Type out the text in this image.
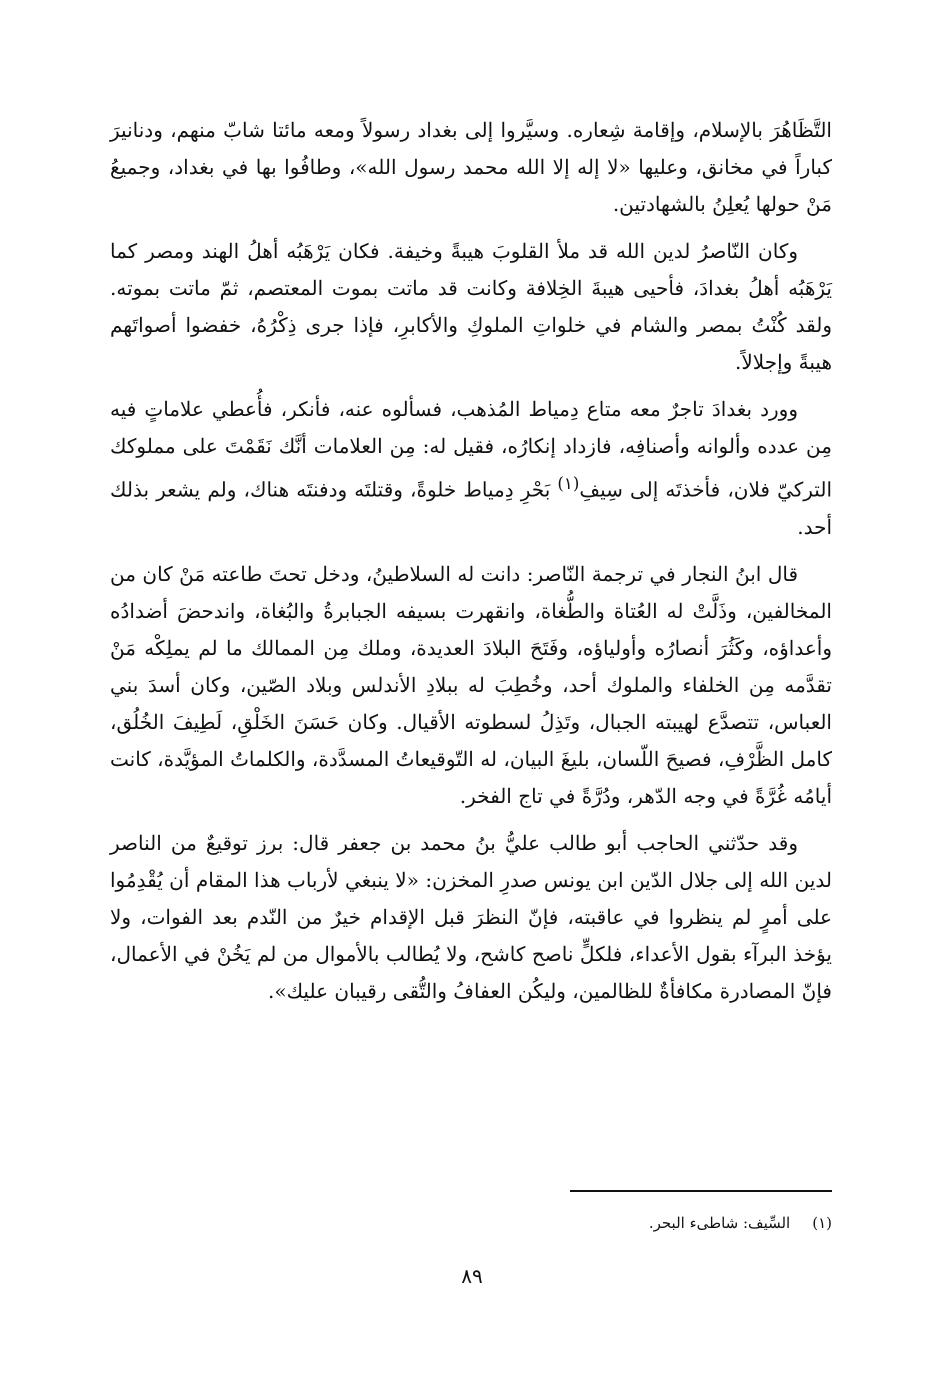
التَّظَاهُرَ بالإسلام، وإقامة شِعاره. وسيَّروا إلى بغداد رسولاً ومعه مائتا شابّ منهم، ودنانيرَ كباراً في مخانق، وعليها «لا إله إلا الله محمد رسول الله»، وطافُوا بها في بغداد، وجميعُ مَنْ حولها يُعلِنُ بالشهادتين.

وكان النّاصرُ لدين الله قد ملأ القلوبَ هيبةً وخيفة. فكان يَرْهَبُه أهلُ الهند ومصر كما يَرْهَبُه أهلُ بغدادَ، فأحيى هيبةَ الخِلافة وكانت قد ماتت بموت المعتصم، ثمّ ماتت بموته. ولقد كُنْتُ بمصر والشام في خلواتِ الملوكِ والأكابرِ، فإذا جرى ذِكْرُهُ، خفضوا أصواتَهم هيبةً وإجلالاً.

وورد بغدادَ تاجرٌ معه متاع دِمياط المُذهب، فسألوه عنه، فأنكر، فأُعطي علاماتٍ فيه مِن عدده وألوانه وأصنافِه، فازداد إنكارُه، فقيل له: مِن العلامات أنَّك نَقَمْتَ على مملوكك التركيّ فلان، فأخذتَه إلى سِيفِ$^{(١)}$ بَحْرِ دِمياط خلوةً، وقتلتَه ودفنتَه هناك، ولم يشعر بذلك أحد.

قال ابنُ النجار في ترجمة النّاصر: دانت له السلاطينُ، ودخل تحتَ طاعته مَنْ كان من المخالفين، وذَلَّتْ له العُتاة والطُّغاة، وانقهرت بسيفه الجبابرةُ والبُغاة، واندحضَ أضدادُه وأعداؤه، وكَثُرَ أنصارُه وأولياؤه، وفَتَحَ البلادَ العديدة، وملك مِن الممالك ما لم يملِكْه مَنْ تقدَّمه مِن الخلفاء والملوك أحد، وخُطِبَ له ببلادِ الأندلس وبلاد الصّين، وكان أسدَ بني العباس، تتصدَّع لهيبته الجبال، وتَذِلُ لسطوته الأقيال. وكان حَسَنَ الخَلْقِ، لَطِيفَ الخُلُق، كامل الظَّرْفِ، فصيحَ اللّسان، بليغَ البيان، له التّوقيعاتُ المسدَّدة، والكلماتُ المؤيَّدة، كانت أيامُه غُرَّةً في وجه الدّهر، ودُرَّةً في تاج الفخر.

وقد حدّثني الحاجب أبو طالب عليُّ بنُ محمد بن جعفر قال: برز توقيعٌ من الناصر لدين الله إلى جلال الدّين ابن يونس صدرِ المخزن: «لا ينبغي لأرباب هذا المقام أن يُقْدِمُوا على أمرٍ لم ينظروا في عاقبته، فإنّ النظرَ قبل الإقدام خيرٌ من النّدم بعد الفوات، ولا يؤخذ البرآء بقول الأعداء، فلكلٍّ ناصح كاشح، ولا يُطالب بالأموال من لم يَخُنْ في الأعمال، فإنّ المصادرة مكافأةٌ للظالمين، وليكُن العفافُ والتُّقى رقيبان عليك».

(١)السِّيف: شاطىء البحر.
٨٩
